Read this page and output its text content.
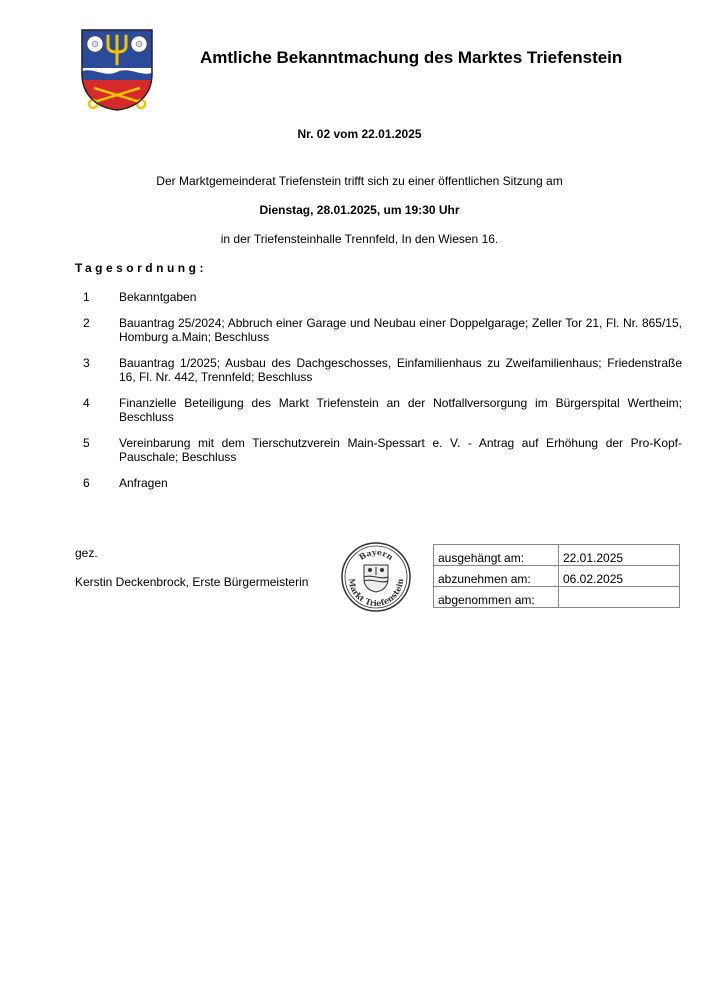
Amtliche Bekanntmachung des Marktes Triefenstein
Nr. 02 vom 22.01.2025
Der Marktgemeinderat Triefenstein trifft sich zu einer öffentlichen Sitzung am
Dienstag, 28.01.2025, um 19:30 Uhr
in der Triefensteinhalle Trennfeld, In den Wiesen 16.
Tagesordnung:
1 Bekanntgaben
2 Bauantrag 25/2024; Abbruch einer Garage und Neubau einer Doppelgarage; Zeller Tor 21, Fl. Nr. 865/15, Homburg a.Main; Beschluss
3 Bauantrag 1/2025; Ausbau des Dachgeschosses, Einfamilienhaus zu Zweifamilienhaus; Friedenstraße 16, Fl. Nr. 442, Trennfeld; Beschluss
4 Finanzielle Beteiligung des Markt Triefenstein an der Notfallversorgung im Bürgerspital Wertheim; Beschluss
5 Vereinbarung mit dem Tierschutzverein Main-Spessart e. V. - Antrag auf Erhöhung der Pro-Kopf-Pauschale; Beschluss
6 Anfragen
gez.
Kerstin Deckenbrock, Erste Bürgermeisterin
Bayern
Markt Triefenstein
ausgehängt am:	22.01.2025
abzunehmen am:	06.02.2025
abgenommen am:	
